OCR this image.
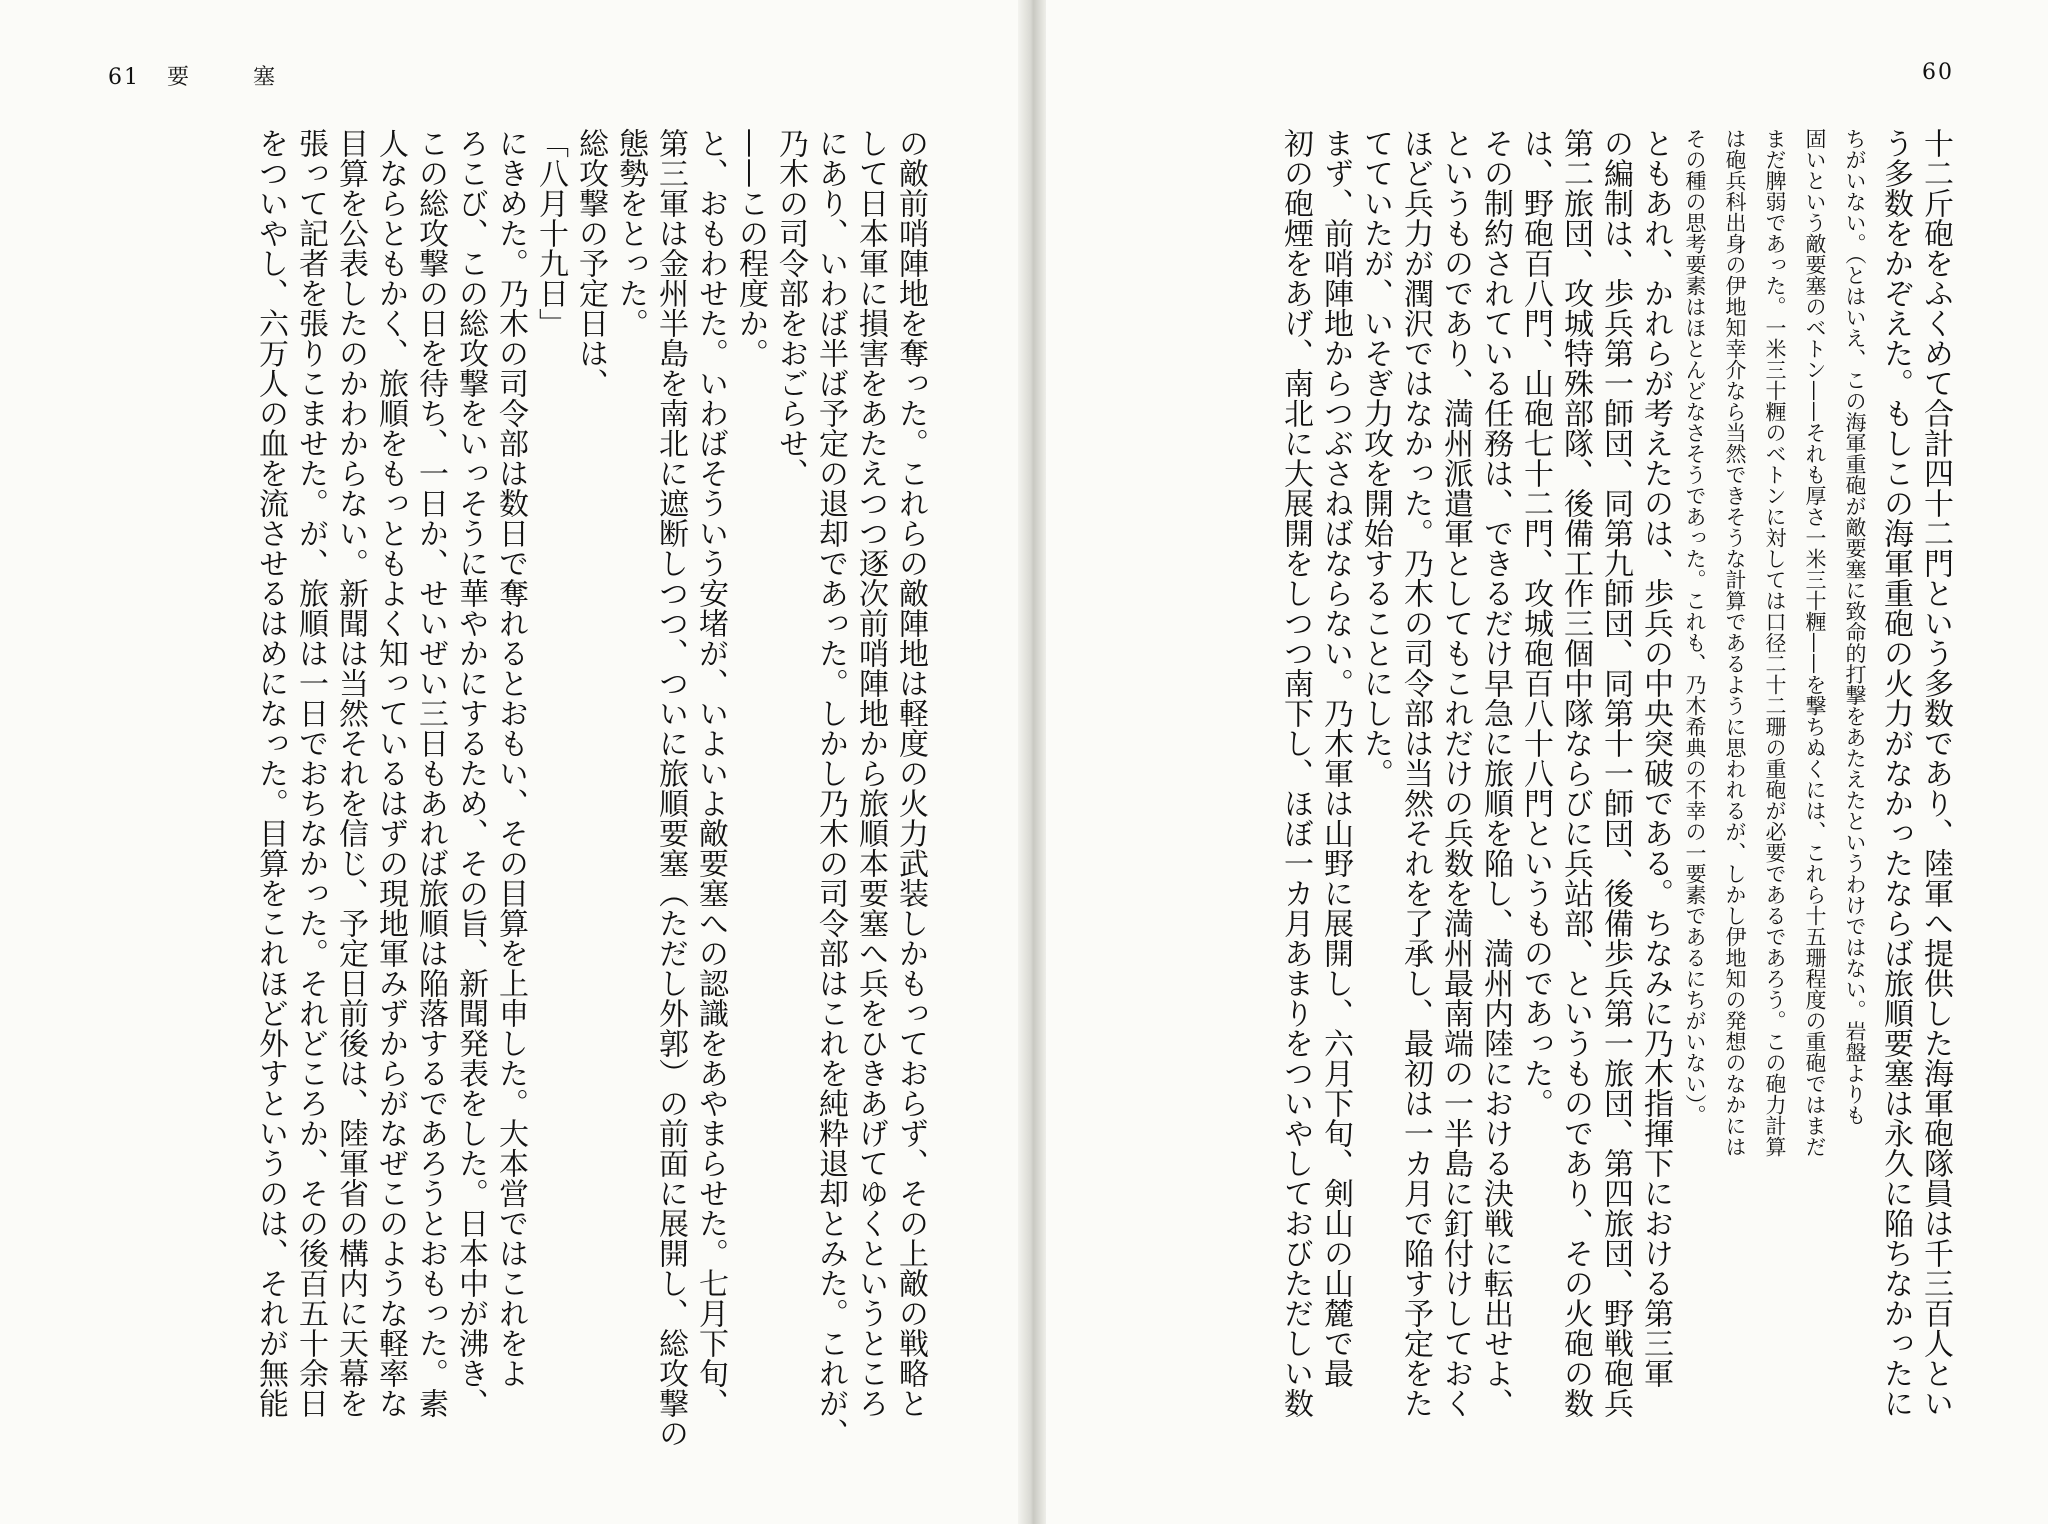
61 要塞

の敵前哨陣地を奪った。これらの敵陣地は軽度の火力武装しかもっておらず、その上敵の戦略と

して日本軍に損害をあたえつつ逐次前哨陣地から旅順本要塞へ兵をひきあげてゆくというところ

にあり、いわば半ば予定の退却であった。しかし乃木の司令部はこれを純粋退却とみた。これが、

乃木の司令部をおごらせ、

——この程度か。

と、おもわせた。いわばそういう安堵が、いよいよ敵要塞への認識をあやまらせた。七月下旬、

第三軍は金州半島を南北に遮断しつつ、ついに旅順要塞（ただし外郭）の前面に展開し、総攻撃の

態勢をとった。

総攻撃の予定日は、

「八月十九日」

にきめた。乃木の司令部は数日で奪れるとおもい、その目算を上申した。大本営ではこれをよ

ろこび、この総攻撃をいっそうに華やかにするため、その旨、新聞発表をした。日本中が沸き、

この総攻撃の日を待ち、一日か、せいぜい三日もあれば旅順は陥落するであろうとおもった。素

人ならともかく、旅順をもっともよく知っているはずの現地軍みずからがなぜこのような軽率な

目算を公表したのかわからない。新聞は当然それを信じ、予定日前後は、陸軍省の構内に天幕を

張って記者を張りこませた。が、旅順は一日でおちなかった。それどころか、その後百五十余日

をついやし、六万人の血を流させるはめになった。目算をこれほど外すというのは、それが無能

60

十二斤砲をふくめて合計四十二門という多数であり、陸軍へ提供した海軍砲隊員は千三百人とい

う多数をかぞえた。もしこの海軍重砲の火力がなかったならば旅順要塞は永久に陥ちなかったに

ちがいない。（とはいえ、この海軍重砲が敵要塞に致命的打撃をあたえたというわけではない。岩盤よりも

固いという敵要塞のベトン——それも厚さ一米三十糎——を撃ちぬくには、これら十五珊程度の重砲ではまだ

まだ脾弱であった。一米三十糎のベトンに対しては口径二十二珊の重砲が必要であるであろう。この砲力計算

は砲兵科出身の伊地知幸介なら当然できそうな計算であるように思われるが、しかし伊地知の発想のなかには

その種の思考要素はほとんどなさそうであった。これも、乃木希典の不幸の一要素であるにちがいない）。

ともあれ、かれらが考えたのは、歩兵の中央突破である。ちなみに乃木指揮下における第三軍

の編制は、歩兵第一師団、同第九師団、同第十一師団、後備歩兵第一旅団、第四旅団、野戦砲兵

第二旅団、攻城特殊部隊、後備工作三個中隊ならびに兵站部、というものであり、その火砲の数

は、野砲百八門、山砲七十二門、攻城砲百八十八門というものであった。

その制約されている任務は、できるだけ早急に旅順を陥し、満州内陸における決戦に転出せよ、

というものであり、満州派遣軍としてもこれだけの兵数を満州最南端の一半島に釘付けしておく

ほど兵力が潤沢ではなかった。乃木の司令部は当然それを了承し、最初は一カ月で陥す予定をた

てていたが、いそぎ力攻を開始することにした。

まず、前哨陣地からつぶさねばならない。乃木軍は山野に展開し、六月下旬、剣山の山麓で最

初の砲煙をあげ、南北に大展開をしつつ南下し、ほぼ一カ月あまりをついやしておびただしい数
